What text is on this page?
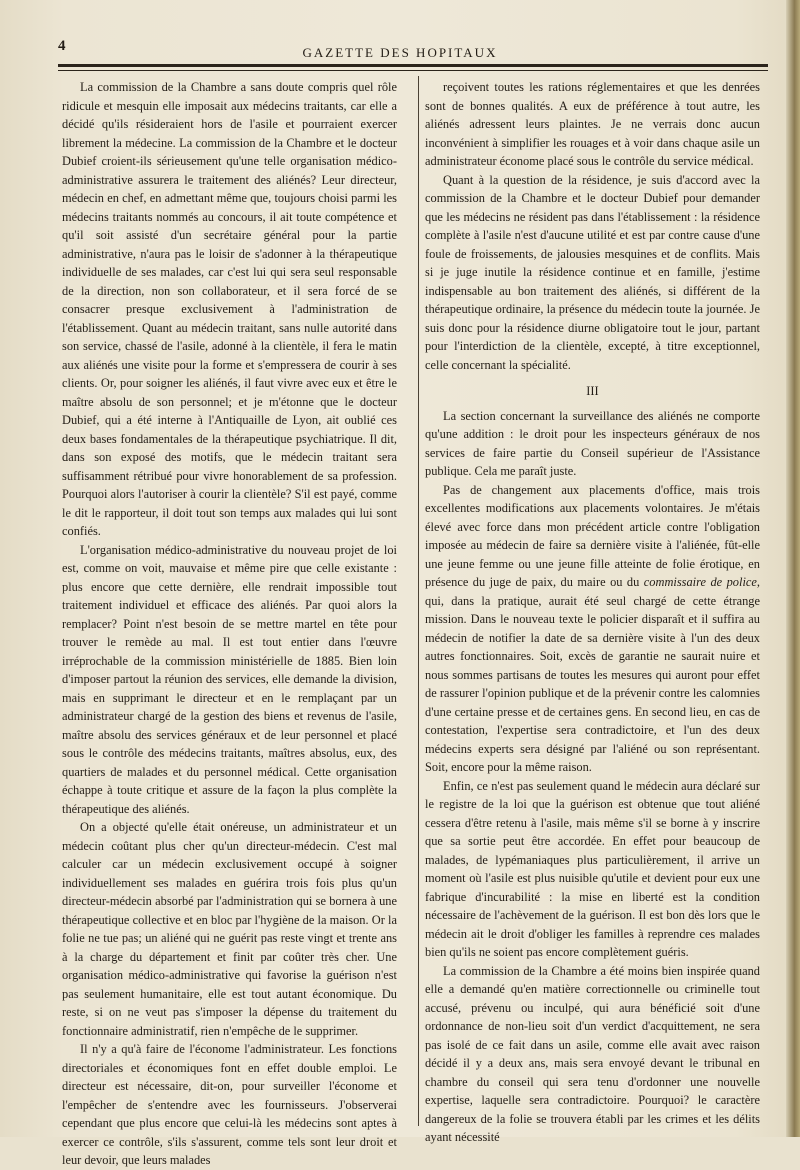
4	GAZETTE DES HOPITAUX

La commission de la Chambre a sans doute compris quel rôle ridicule et mesquin elle imposait aux médecins traitants, car elle a décidé qu'ils résideraient hors de l'asile et pourraient exercer librement la médecine. La commission de la Chambre et le docteur Dubief croient-ils sérieusement qu'une telle organisation médico-administrative assurera le traitement des aliénés? Leur directeur, médecin en chef, en admettant même que, toujours choisi parmi les médecins traitants nommés au concours, il ait toute compétence et qu'il soit assisté d'un secrétaire général pour la partie administrative, n'aura pas le loisir de s'adonner à la thérapeutique individuelle de ses malades, car c'est lui qui sera seul responsable de la direction, non son collaborateur, et il sera forcé de se consacrer presque exclusivement à l'administration de l'établissement. Quant au médecin traitant, sans nulle autorité dans son service, chassé de l'asile, adonné à la clientèle, il fera le matin aux aliénés une visite pour la forme et s'empressera de courir à ses clients. Or, pour soigner les aliénés, il faut vivre avec eux et être le maître absolu de son personnel; et je m'étonne que le docteur Dubief, qui a été interne à l'Antiquaille de Lyon, ait oublié ces deux bases fondamentales de la thérapeutique psychiatrique. Il dit, dans son exposé des motifs, que le médecin traitant sera suffisamment rétribué pour vivre honorablement de sa profession. Pourquoi alors l'autoriser à courir la clientèle? S'il est payé, comme le dit le rapporteur, il doit tout son temps aux malades qui lui sont confiés.

L'organisation médico-administrative du nouveau projet de loi est, comme on voit, mauvaise et même pire que celle existante : plus encore que cette dernière, elle rendrait impossible tout traitement individuel et efficace des aliénés. Par quoi alors la remplacer? Point n'est besoin de se mettre martel en tête pour trouver le remède au mal. Il est tout entier dans l'œuvre irréprochable de la commission ministérielle de 1885. Bien loin d'imposer partout la réunion des services, elle demande la division, mais en supprimant le directeur et en le remplaçant par un administrateur chargé de la gestion des biens et revenus de l'asile, maître absolu des services généraux et de leur personnel et placé sous le contrôle des médecins traitants, maîtres absolus, eux, des quartiers de malades et du personnel médical. Cette organisation échappe à toute critique et assure de la façon la plus complète la thérapeutique des aliénés.

On a objecté qu'elle était onéreuse, un administrateur et un médecin coûtant plus cher qu'un directeur-médecin. C'est mal calculer car un médecin exclusivement occupé à soigner individuellement ses malades en guérira trois fois plus qu'un directeur-médecin absorbé par l'administration qui se bornera à une thérapeutique collective et en bloc par l'hygiène de la maison. Or la folie ne tue pas; un aliéné qui ne guérit pas reste vingt et trente ans à la charge du département et finit par coûter très cher. Une organisation médico-administrative qui favorise la guérison n'est pas seulement humanitaire, elle est tout autant économique. Du reste, si on ne veut pas s'imposer la dépense du traitement du fonctionnaire administratif, rien n'empêche de le supprimer.

Il n'y a qu'à faire de l'économe l'administrateur. Les fonctions directoriales et économiques font en effet double emploi. Le directeur est nécessaire, dit-on, pour surveiller l'économe et l'empêcher de s'entendre avec les fournisseurs. J'observerai cependant que plus encore que celui-là les médecins sont aptes à exercer ce contrôle, s'ils s'assurent, comme tels sont leur droit et leur devoir, que leurs malades

reçoivent toutes les rations réglementaires et que les denrées sont de bonnes qualités. A eux de préférence à tout autre, les aliénés adressent leurs plaintes. Je ne verrais donc aucun inconvénient à simplifier les rouages et à voir dans chaque asile un administrateur économe placé sous le contrôle du service médical.

Quant à la question de la résidence, je suis d'accord avec la commission de la Chambre et le docteur Dubief pour demander que les médecins ne résident pas dans l'établissement : la résidence complète à l'asile n'est d'aucune utilité et est par contre cause d'une foule de froissements, de jalousies mesquines et de conflits. Mais si je juge inutile la résidence continue et en famille, j'estime indispensable au bon traitement des aliénés, si différent de la thérapeutique ordinaire, la présence du médecin toute la journée. Je suis donc pour la résidence diurne obligatoire tout le jour, partant pour l'interdiction de la clientèle, excepté, à titre exceptionnel, celle concernant la spécialité.

III

La section concernant la surveillance des aliénés ne comporte qu'une addition : le droit pour les inspecteurs généraux de nos services de faire partie du Conseil supérieur de l'Assistance publique. Cela me paraît juste.

Pas de changement aux placements d'office, mais trois excellentes modifications aux placements volontaires. Je m'étais élevé avec force dans mon précédent article contre l'obligation imposée au médecin de faire sa dernière visite à l'aliénée, fût-elle une jeune femme ou une jeune fille atteinte de folie érotique, en présence du juge de paix, du maire ou du commissaire de police, qui, dans la pratique, aurait été seul chargé de cette étrange mission. Dans le nouveau texte le policier disparaît et il suffira au médecin de notifier la date de sa dernière visite à l'un des deux autres fonctionnaires. Soit, excès de garantie ne saurait nuire et nous sommes partisans de toutes les mesures qui auront pour effet de rassurer l'opinion publique et de la prévenir contre les calomnies d'une certaine presse et de certaines gens. En second lieu, en cas de contestation, l'expertise sera contradictoire, et l'un des deux médecins experts sera désigné par l'aliéné ou son représentant. Soit, encore pour la même raison.

Enfin, ce n'est pas seulement quand le médecin aura déclaré sur le registre de la loi que la guérison est obtenue que tout aliéné cessera d'être retenu à l'asile, mais même s'il se borne à y inscrire que sa sortie peut être accordée. En effet pour beaucoup de malades, de lypémaniaques plus particulièrement, il arrive un moment où l'asile est plus nuisible qu'utile et devient pour eux une fabrique d'incurabilité : la mise en liberté est la condition nécessaire de l'achèvement de la guérison. Il est bon dès lors que le médecin ait le droit d'obliger les familles à reprendre ces malades bien qu'ils ne soient pas encore complètement guéris.

La commission de la Chambre a été moins bien inspirée quand elle a demandé qu'en matière correctionnelle ou criminelle tout accusé, prévenu ou inculpé, qui aura bénéficié soit d'une ordonnance de non-lieu soit d'un verdict d'acquittement, ne sera pas isolé de ce fait dans un asile, comme elle avait avec raison décidé il y a deux ans, mais sera envoyé devant le tribunal en chambre du conseil qui sera tenu d'ordonner une nouvelle expertise, laquelle sera contradictoire. Pourquoi? le caractère dangereux de la folie se trouvera établi par les crimes et les délits ayant nécessité
